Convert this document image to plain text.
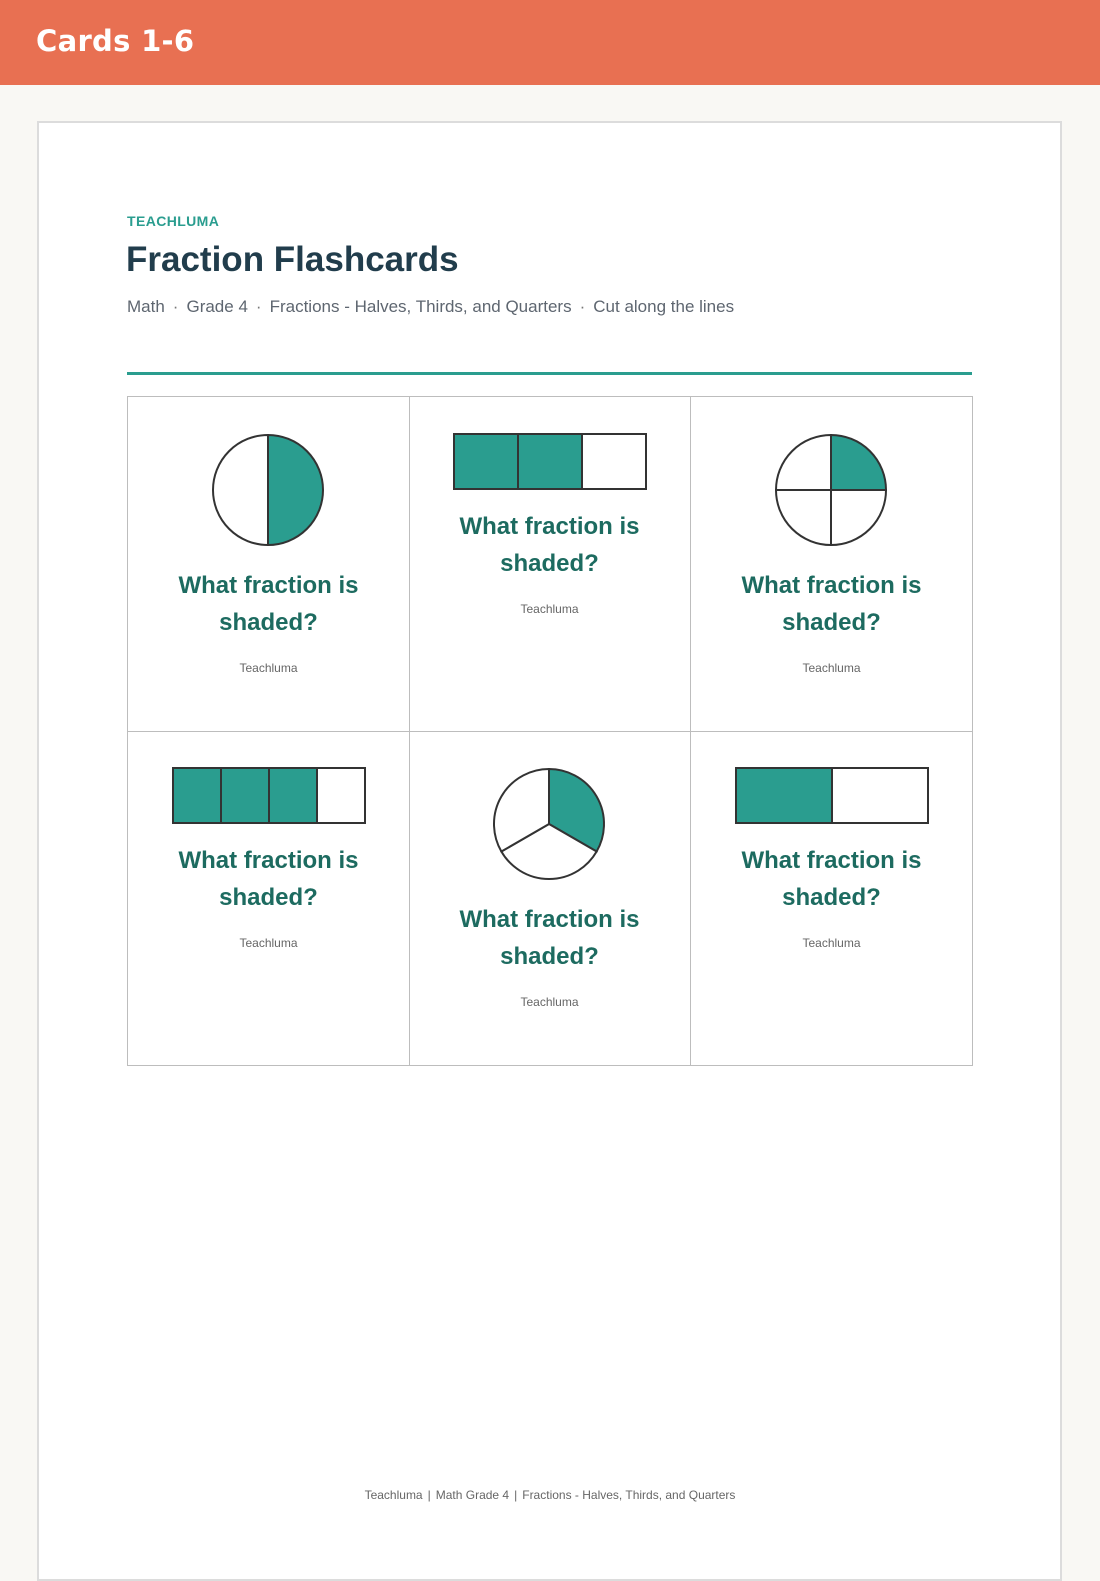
Cards 1-6
TEACHLUMA
Fraction Flashcards
Math · Grade 4 · Fractions - Halves, Thirds, and Quarters · Cut along the lines
What fraction is shaded?
Teachluma
What fraction is shaded?
Teachluma
What fraction is shaded?
Teachluma
What fraction is shaded?
Teachluma
What fraction is shaded?
Teachluma
What fraction is shaded?
Teachluma
Teachluma | Math Grade 4 | Fractions - Halves, Thirds, and Quarters
